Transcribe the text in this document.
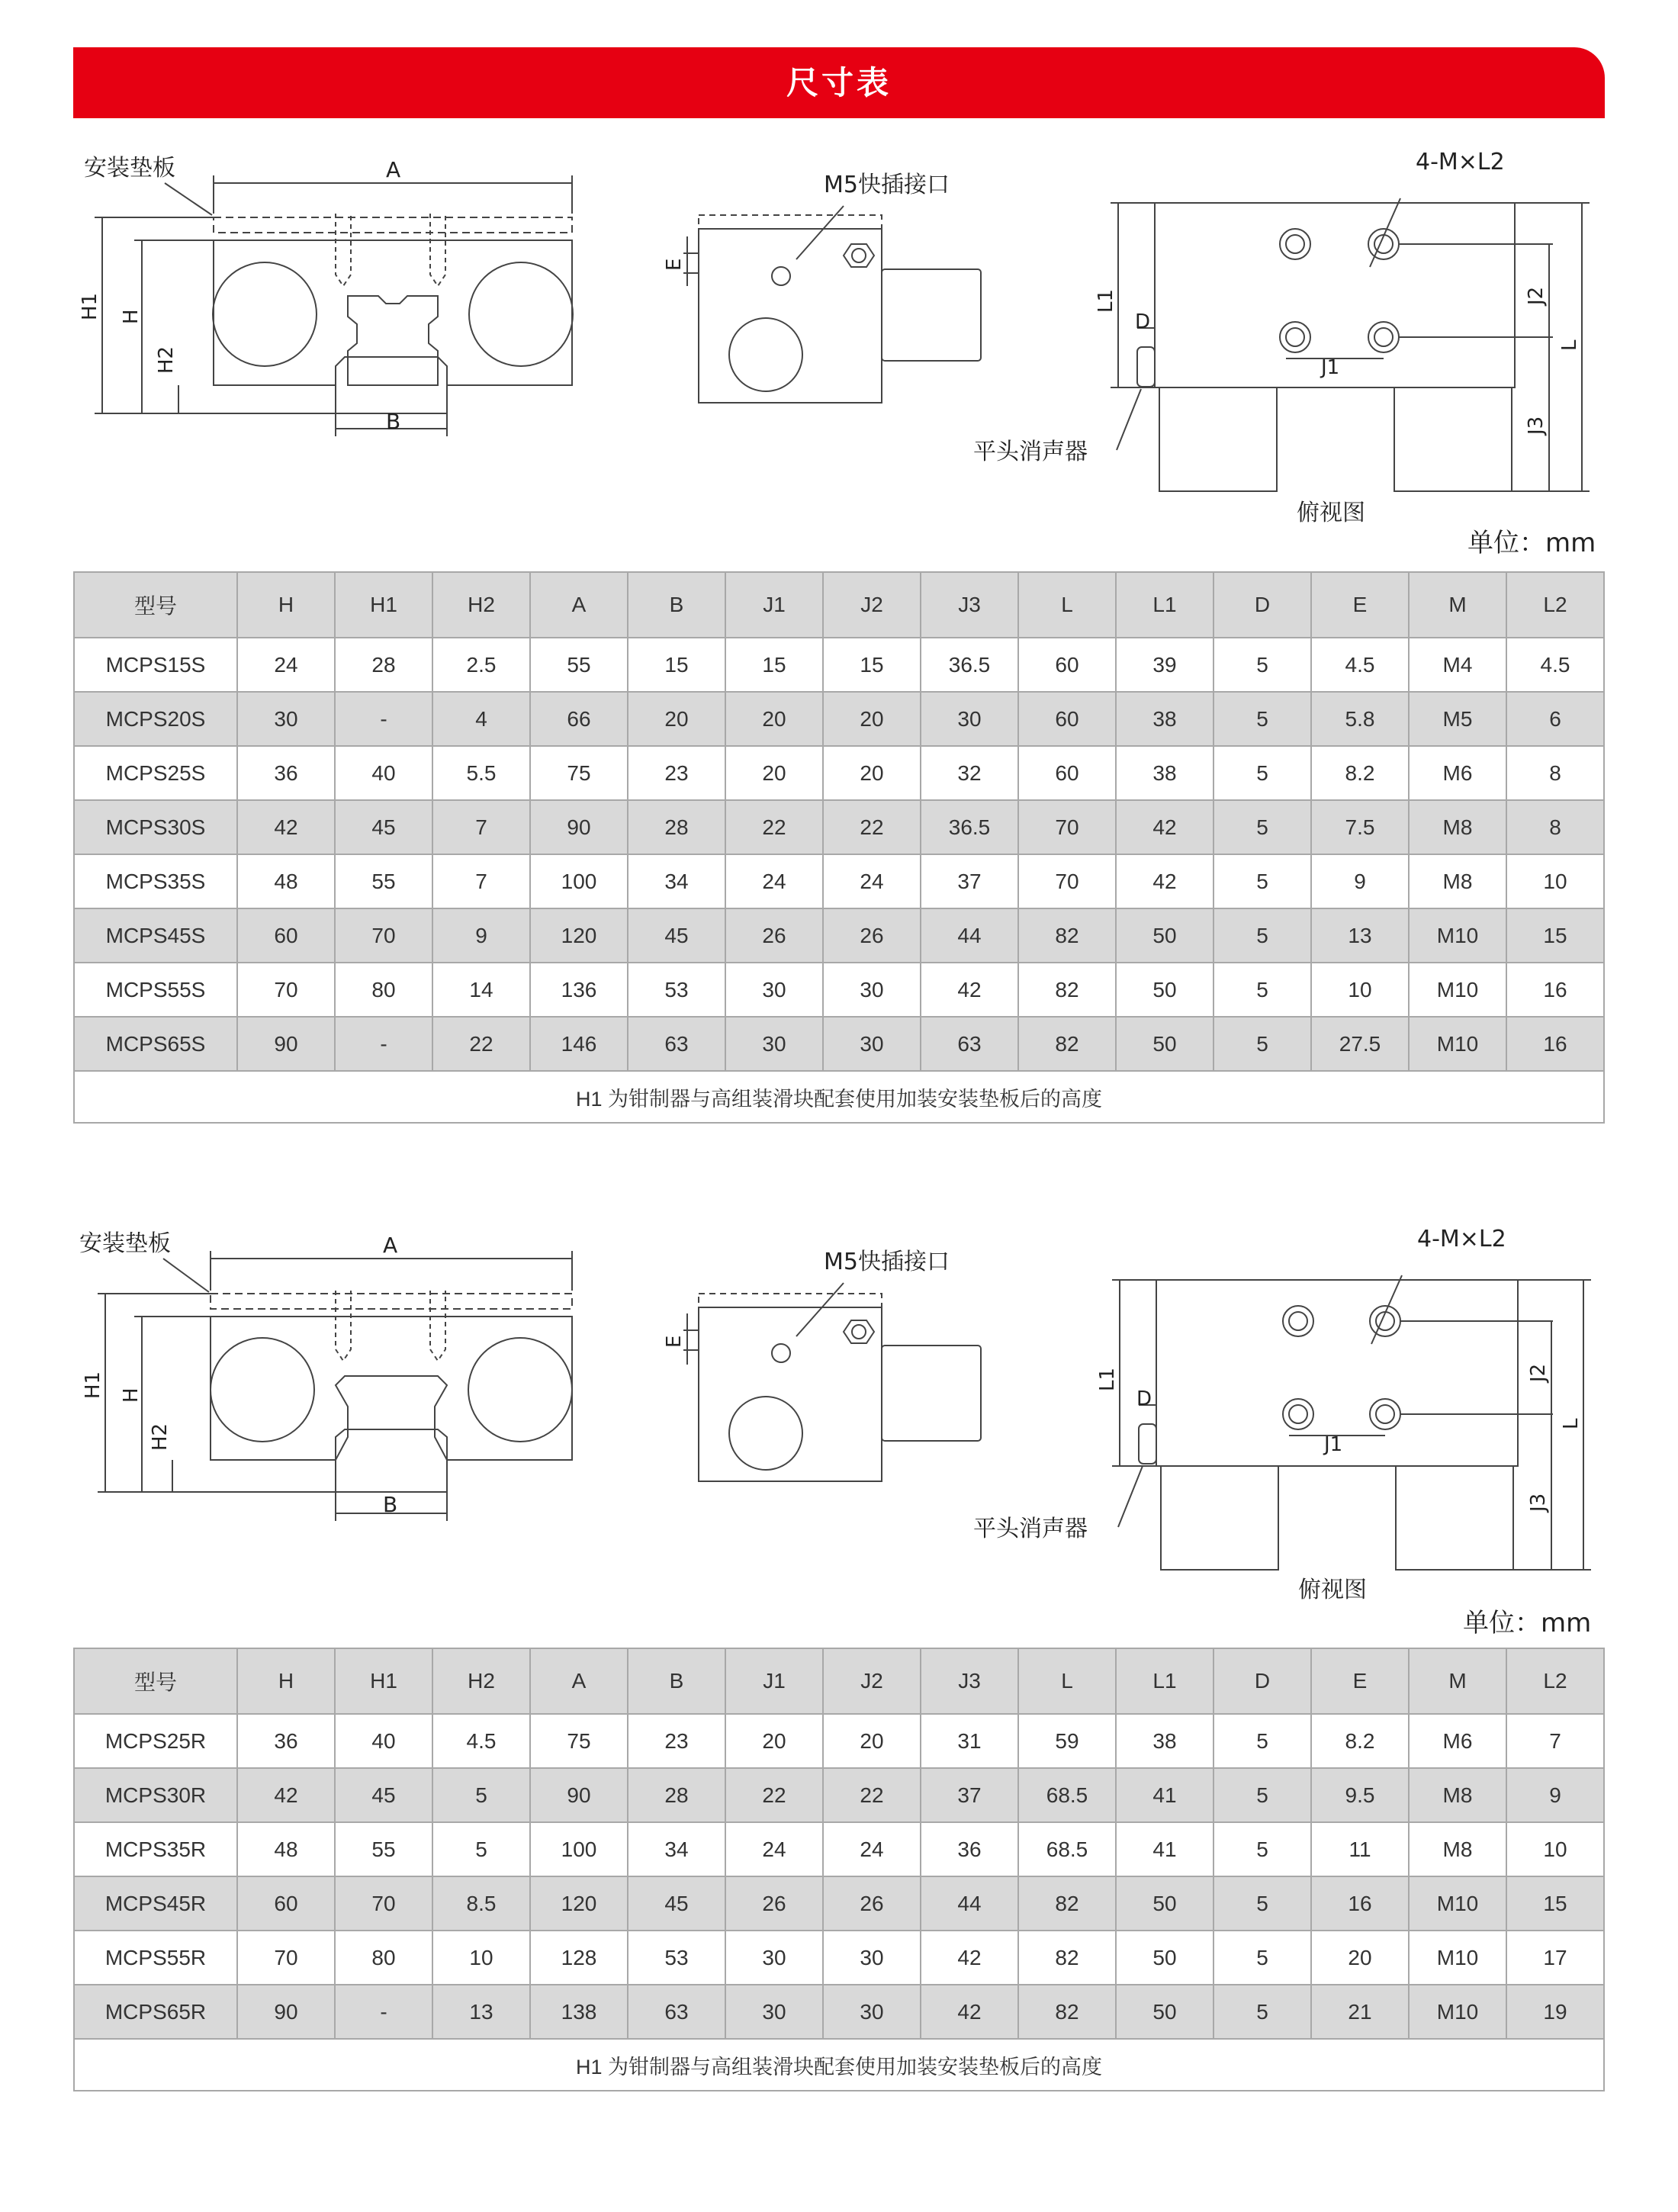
尺寸表
安装垫板	A
B
H1 H
H2
M5快插接口
E
4-M×L2
L1
D
J1
J2
J3
L
平头消声器
俯视图
单位：mm
型号	H	H1	H2	A	B	J1	J2	J3	L	L1	D	E	M	L2
MCPS15S	24	28	2.5	55	15	15	15	36.5	60	39	5	4.5	M4	4.5
MCPS20S	30	-	4	66	20	20	20	30	60	38	5	5.8	M5	6
MCPS25S	36	40	5.5	75	23	20	20	32	60	38	5	8.2	M6	8
MCPS30S	42	45	7	90	28	22	22	36.5	70	42	5	7.5	M8	8
MCPS35S	48	55	7	100	34	24	24	37	70	42	5	9	M8	10
MCPS45S	60	70	9	120	45	26	26	44	82	50	5	13	M10	15
MCPS55S	70	80	14	136	53	30	30	42	82	50	5	10	M10	16
MCPS65S	90	-	22	146	63	30	30	63	82	50	5	27.5	M10	16
H1 为钳制器与高组装滑块配套使用加装安装垫板后的高度														
安装垫板	A
B
H1 H
H2
M5快插接口
E
4-M×L2
L1
D
J1
J2
J3
L
平头消声器
俯视图
单位：mm
型号	H	H1	H2	A	B	J1	J2	J3	L	L1	D	E	M	L2
MCPS25R	36	40	4.5	75	23	20	20	31	59	38	5	8.2	M6	7
MCPS30R	42	45	5	90	28	22	22	37	68.5	41	5	9.5	M8	9
MCPS35R	48	55	5	100	34	24	24	36	68.5	41	5	11	M8	10
MCPS45R	60	70	8.5	120	45	26	26	44	82	50	5	16	M10	15
MCPS55R	70	80	10	128	53	30	30	42	82	50	5	20	M10	17
MCPS65R	90	-	13	138	63	30	30	42	82	50	5	21	M10	19
H1 为钳制器与高组装滑块配套使用加装安装垫板后的高度														
